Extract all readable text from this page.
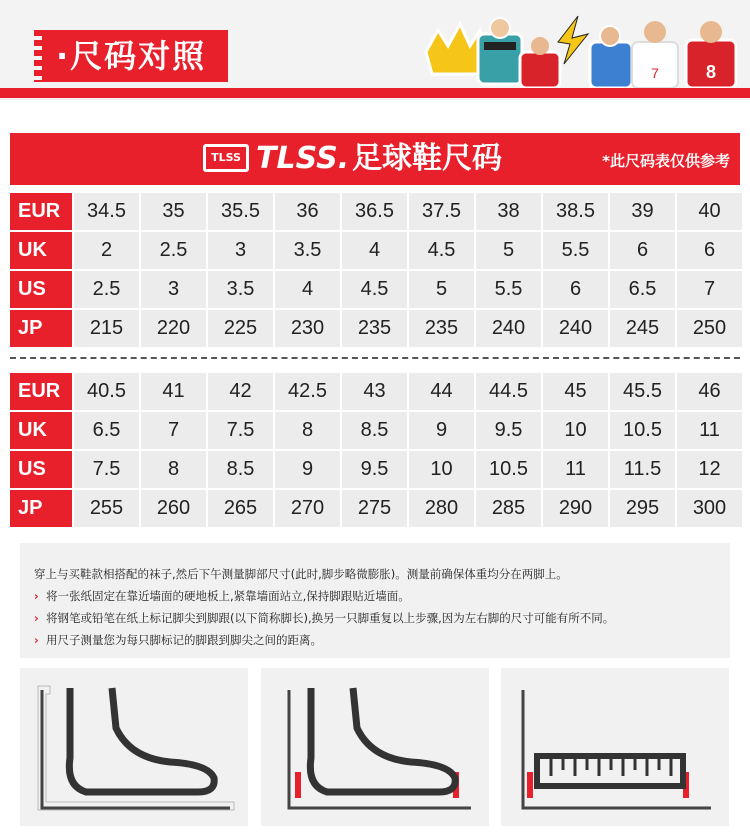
·尺码对照	7	8
TLSS TLSS. 足球鞋尺码	*此尺码表仅供参考
EUR	34.5	35	35.5	36	36.5	37.5	38	38.5	39	40
UK	2	2.5	3	3.5	4	4.5	5	5.5	6	6
US	2.5	3	3.5	4	4.5	5	5.5	6	6.5	7
JP	215	220	225	230	235	235	240	240	245	250
EUR	40.5	41	42	42.5	43	44	44.5	45	45.5	46
UK	6.5	7	7.5	8	8.5	9	9.5	10	10.5	11
US	7.5	8	8.5	9	9.5	10	10.5	11	11.5	12
JP	255	260	265	270	275	280	285	290	295	300
穿上与买鞋款相搭配的袜子,然后下午测量脚部尺寸(此时,脚步略微膨胀)。测量前确保体重均分在两脚上。
› 将一张纸固定在靠近墙面的硬地板上,紧靠墙面站立,保持脚跟贴近墙面。
› 将钢笔或铅笔在纸上标记脚尖到脚跟(以下简称脚长),换另一只脚重复以上步骤,因为左右脚的尺寸可能有所不同。
› 用尺子测量您为每只脚标记的脚跟到脚尖之间的距离。
